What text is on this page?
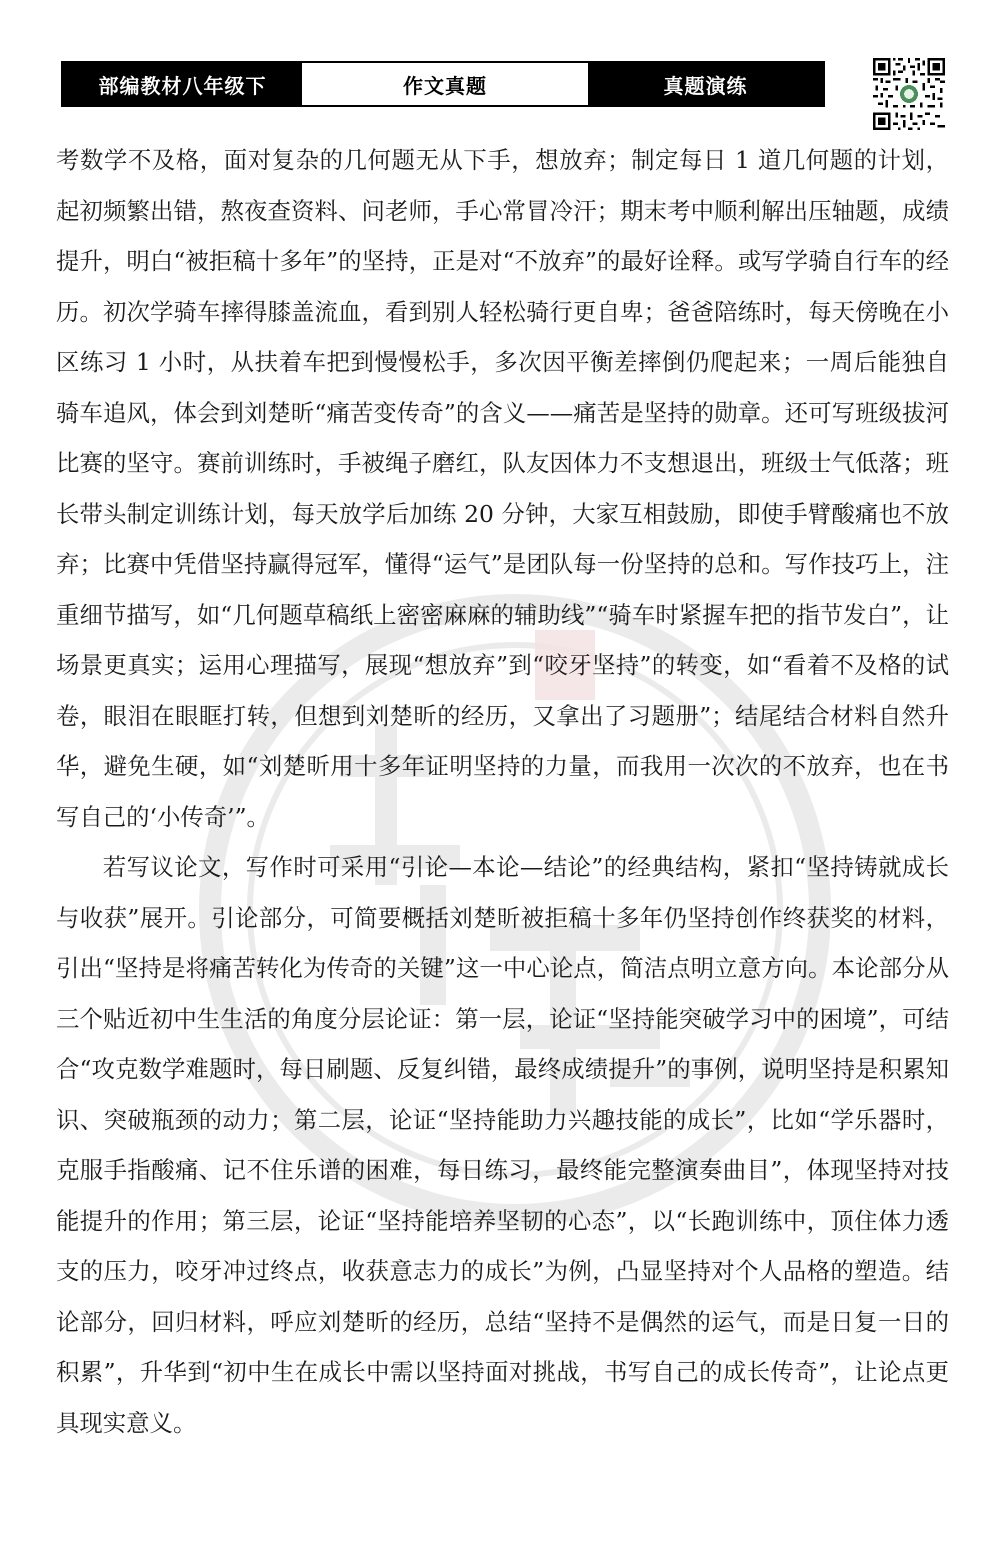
部编教材八年级下	作文真题	真题演练

考数学不及格，面对复杂的几何题无从下手，想放弃；制定每日 1 道几何题的计划，起初频繁出错，熬夜查资料、问老师，手心常冒冷汗；期末考中顺利解出压轴题，成绩提升，明白“被拒稿十多年”的坚持，正是对“不放弃”的最好诠释。或写学骑自行车的经历。初次学骑车摔得膝盖流血，看到别人轻松骑行更自卑；爸爸陪练时，每天傍晚在小区练习 1 小时，从扶着车把到慢慢松手，多次因平衡差摔倒仍爬起来；一周后能独自骑车追风，体会到刘楚昕“痛苦变传奇”的含义——痛苦是坚持的勋章。还可写班级拔河比赛的坚守。赛前训练时，手被绳子磨红，队友因体力不支想退出，班级士气低落；班长带头制定训练计划，每天放学后加练 20 分钟，大家互相鼓励，即使手臂酸痛也不放弃；比赛中凭借坚持赢得冠军，懂得“运气”是团队每一份坚持的总和。写作技巧上，注重细节描写，如“几何题草稿纸上密密麻麻的辅助线”“骑车时紧握车把的指节发白”，让场景更真实；运用心理描写，展现“想放弃”到“咬牙坚持”的转变，如“看着不及格的试卷，眼泪在眼眶打转，但想到刘楚昕的经历，又拿出了习题册”；结尾结合材料自然升华，避免生硬，如“刘楚昕用十多年证明坚持的力量，而我用一次次的不放弃，也在书写自己的‘小传奇’”。

若写议论文，写作时可采用“引论—本论—结论”的经典结构，紧扣“坚持铸就成长与收获”展开。引论部分，可简要概括刘楚昕被拒稿十多年仍坚持创作终获奖的材料，引出“坚持是将痛苦转化为传奇的关键”这一中心论点，简洁点明立意方向。本论部分从三个贴近初中生生活的角度分层论证：第一层，论证“坚持能突破学习中的困境”，可结合“攻克数学难题时，每日刷题、反复纠错，最终成绩提升”的事例，说明坚持是积累知识、突破瓶颈的动力；第二层，论证“坚持能助力兴趣技能的成长”，比如“学乐器时，克服手指酸痛、记不住乐谱的困难，每日练习，最终能完整演奏曲目”，体现坚持对技能提升的作用；第三层，论证“坚持能培养坚韧的心态”，以“长跑训练中，顶住体力透支的压力，咬牙冲过终点，收获意志力的成长”为例，凸显坚持对个人品格的塑造。结论部分，回归材料，呼应刘楚昕的经历，总结“坚持不是偶然的运气，而是日复一日的积累”，升华到“初中生在成长中需以坚持面对挑战，书写自己的成长传奇”，让论点更具现实意义。
